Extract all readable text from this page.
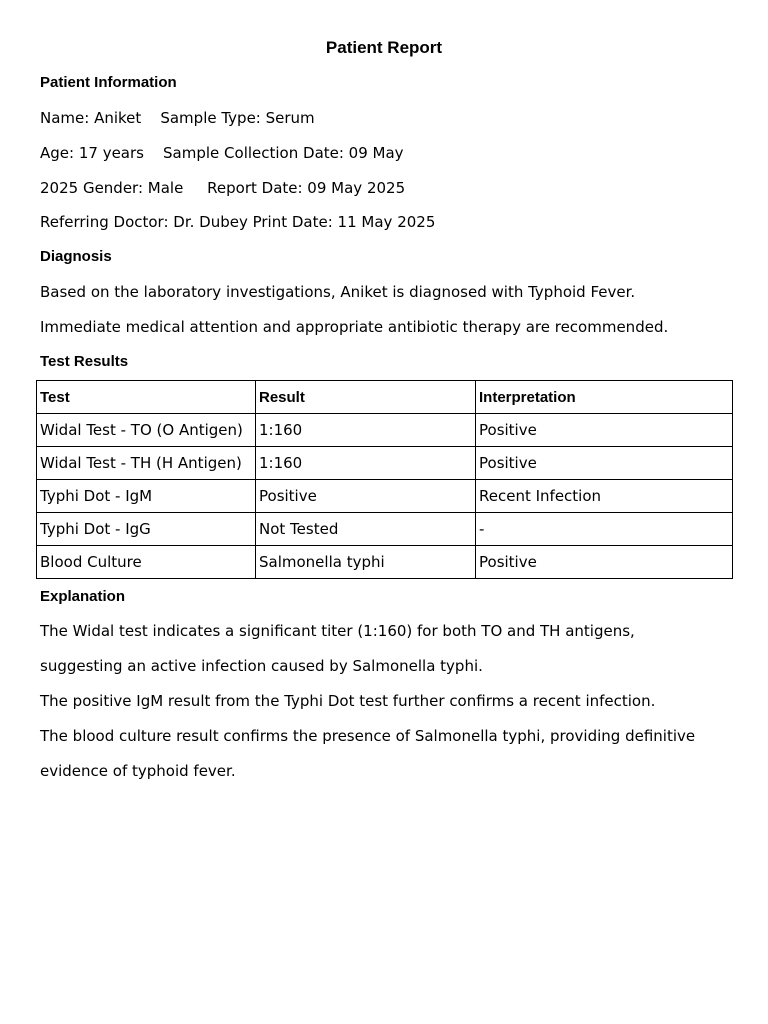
Patient Report
Patient Information
Name: Aniket    Sample Type: Serum
Age: 17 years    Sample Collection Date: 09 May
2025 Gender: Male     Report Date: 09 May 2025
Referring Doctor: Dr. Dubey Print Date: 11 May 2025
Diagnosis
Based on the laboratory investigations, Aniket is diagnosed with Typhoid Fever.
Immediate medical attention and appropriate antibiotic therapy are recommended.
Test Results
Test	Result	Interpretation
Widal Test - TO (O Antigen)	1:160	Positive
Widal Test - TH (H Antigen)	1:160	Positive
Typhi Dot - IgM	Positive	Recent Infection
Typhi Dot - IgG	Not Tested	-
Blood Culture	Salmonella typhi	Positive
Explanation
The Widal test indicates a significant titer (1:160) for both TO and TH antigens,
suggesting an active infection caused by Salmonella typhi.
The positive IgM result from the Typhi Dot test further confirms a recent infection.
The blood culture result confirms the presence of Salmonella typhi, providing definitive
evidence of typhoid fever.
